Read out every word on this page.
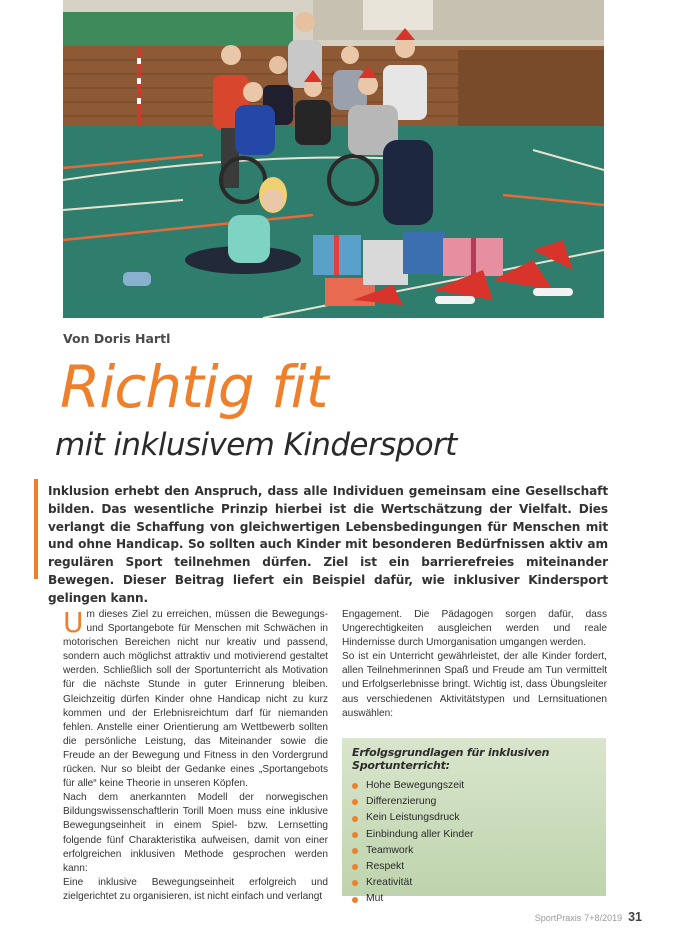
Von Doris Hartl
Richtig fit
mit inklusivem Kindersport

Inklusion erhebt den Anspruch, dass alle Individuen gemeinsam eine Gesellschaft bilden. Das wesentliche Prinzip hierbei ist die Wertschätzung der Vielfalt. Dies verlangt die Schaffung von gleichwertigen Lebensbedingungen für Menschen mit und ohne Handicap. So sollten auch Kinder mit besonderen Bedürfnissen aktiv am regulären Sport teilnehmen dürfen. Ziel ist ein barrierefreies miteinander Bewegen. Dieser Beitrag liefert ein Beispiel dafür, wie inklusiver Kindersport gelingen kann.

Um dieses Ziel zu erreichen, müssen die Bewegungs- und Sportangebote für Menschen mit Schwächen in motorischen Bereichen nicht nur kreativ und passend, sondern auch möglichst attraktiv und motivierend gestaltet werden. Schließlich soll der Sportunterricht als Motivation für die nächste Stunde in guter Erinnerung bleiben. Gleichzeitig dürfen Kinder ohne Handicap nicht zu kurz kommen und der Erlebnisreichtum darf für niemanden fehlen. Anstelle einer Orientierung am Wettbewerb sollten die persönliche Leistung, das Miteinander sowie die Freude an der Bewegung und Fitness in den Vordergrund rücken. Nur so bleibt der Gedanke eines „Sportangebots für alle“ keine Theorie in unseren Köpfen.

Nach dem anerkannten Modell der norwegischen Bildungswissenschaftlerin Torill Moen muss eine inklusive Bewegungseinheit in einem Spiel- bzw. Lernsetting folgende fünf Charakteristika aufweisen, damit von einer erfolgreichen inklusiven Methode gesprochen werden kann:

Eine inklusive Bewegungseinheit erfolgreich und zielgerichtet zu organisieren, ist nicht einfach und verlangt

Engagement. Die Pädagogen sorgen dafür, dass Ungerechtigkeiten ausgleichen werden und reale Hindernisse durch Umorganisation umgangen werden.

So ist ein Unterricht gewährleistet, der alle Kinder fordert, allen Teilnehmerinnen Spaß und Freude am Tun vermittelt und Erfolgserlebnisse bringt. Wichtig ist, dass Übungsleiter aus verschiedenen Aktivitätstypen und Lernsituationen auswählen:

Erfolgsgrundlagen für inklusiven Sportunterricht:
Hohe Bewegungszeit
Differenzierung
Kein Leistungsdruck
Einbindung aller Kinder
Teamwork
Respekt
Kreativität
Mut
SportPraxis 7+8/2019 31
